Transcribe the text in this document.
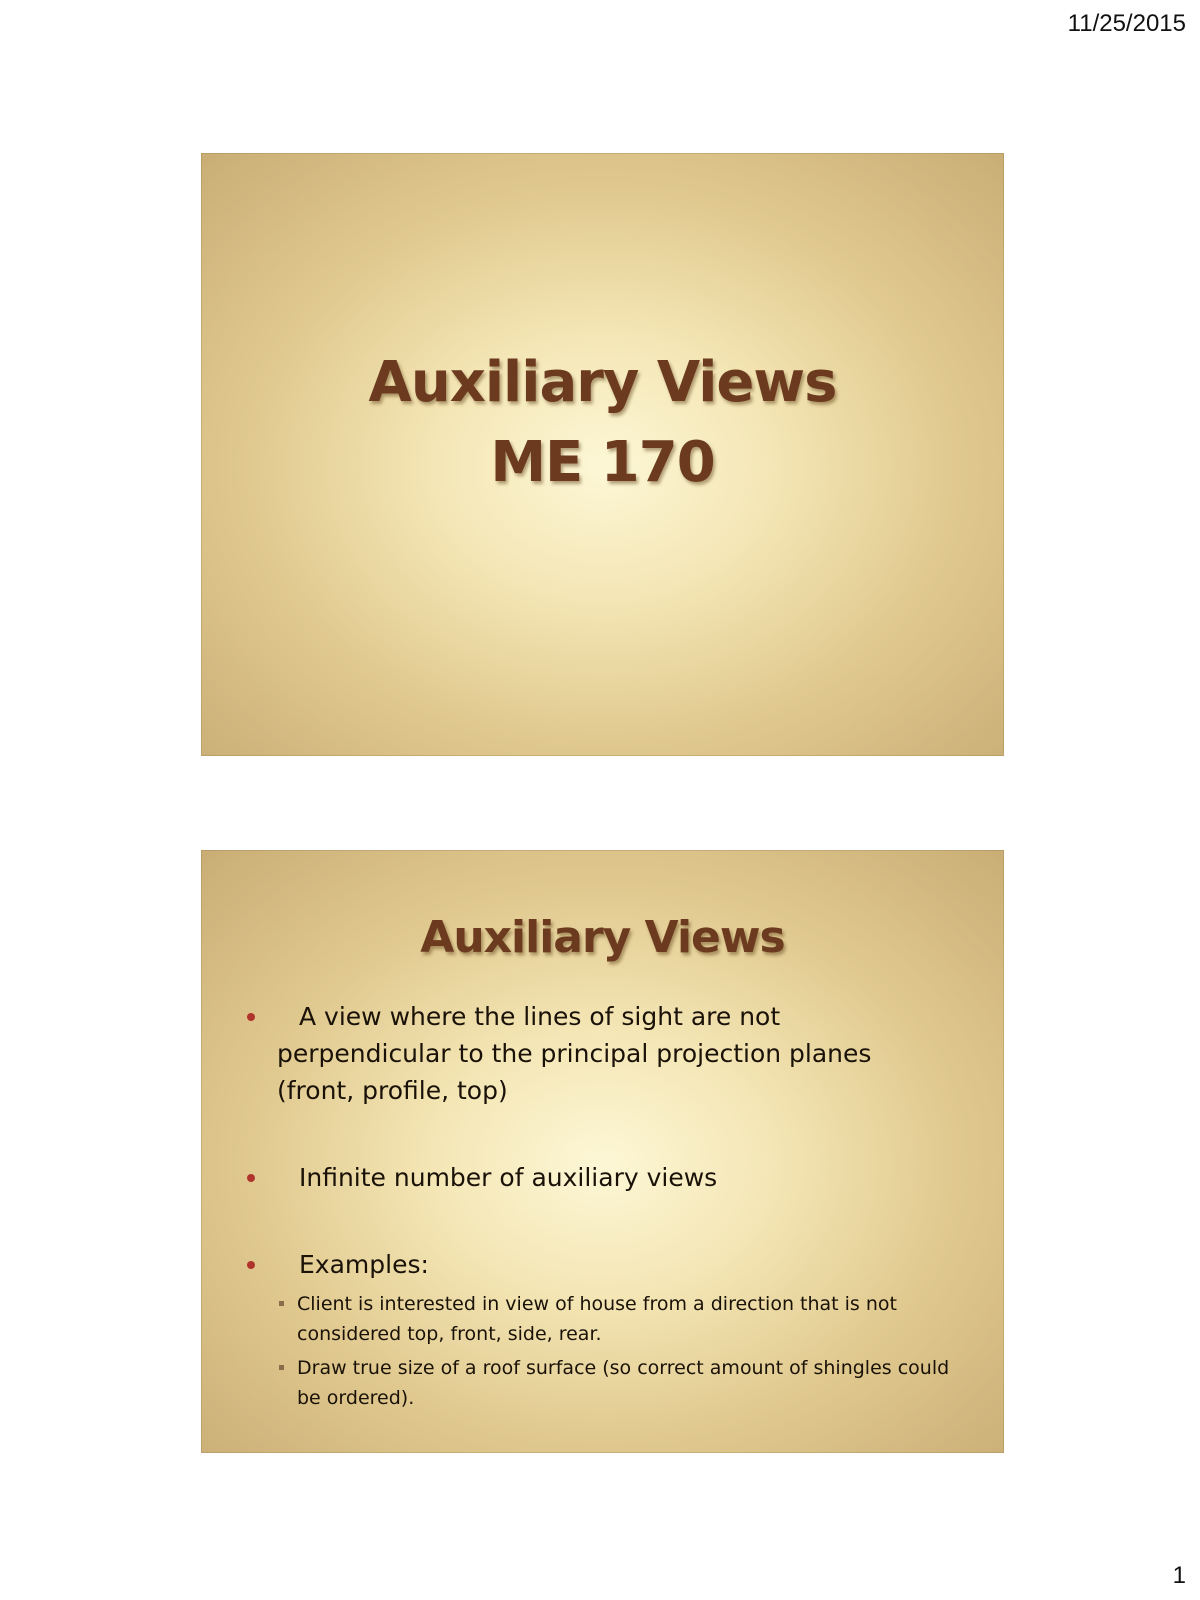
11/25/2015
Auxiliary Views
ME 170
Auxiliary Views
A view where the lines of sight are not perpendicular to the principal projection planes (front, profile, top)
Infinite number of auxiliary views
Examples:
Client is interested in view of house from a direction that is not considered top, front, side, rear.
Draw true size of a roof surface (so correct amount of shingles could be ordered).
1
